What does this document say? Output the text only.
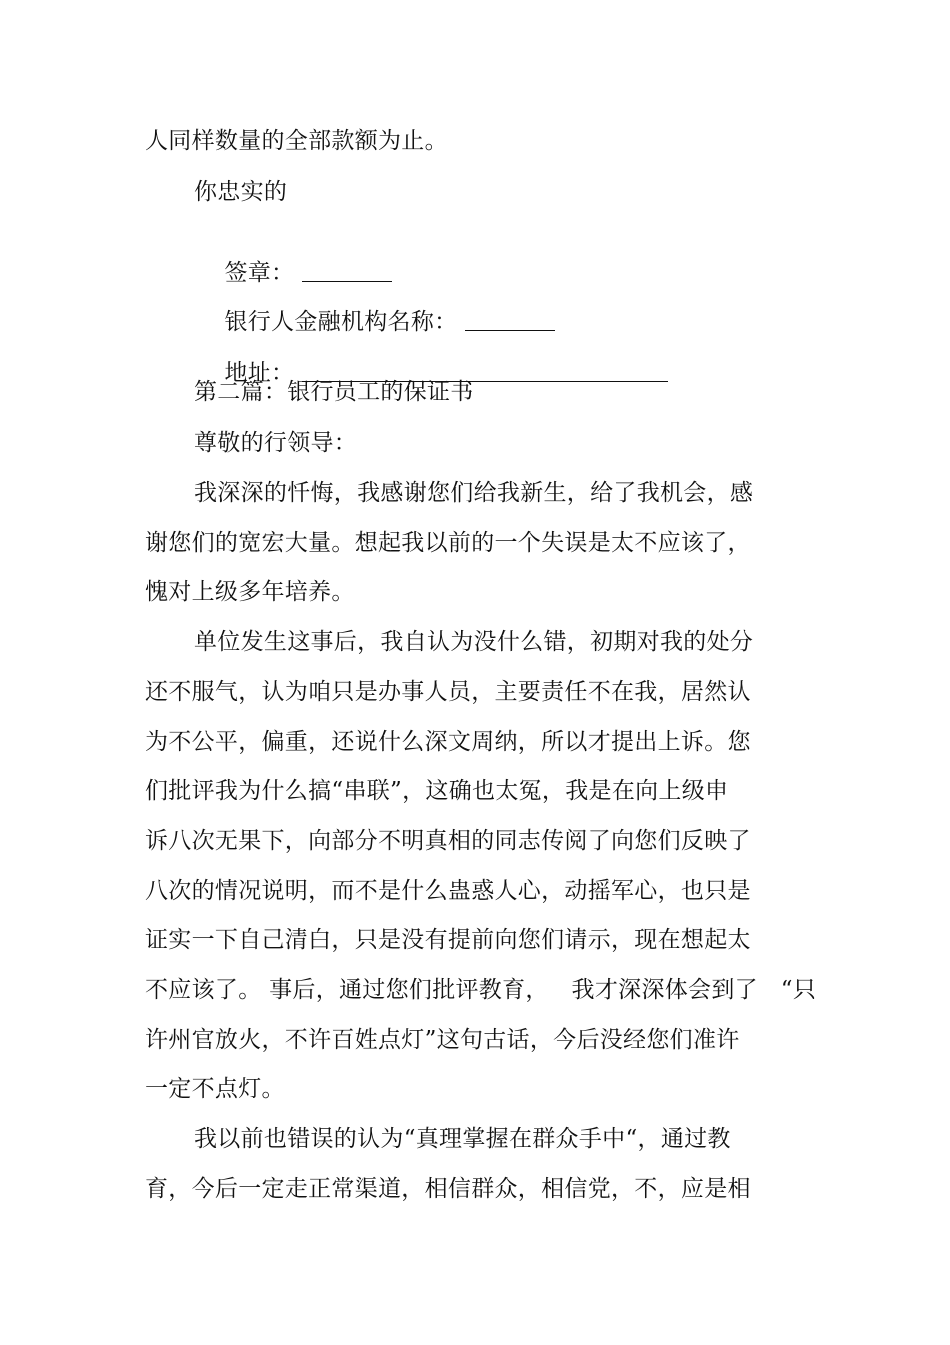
人同样数量的全部款额为止。
你忠实的

签章：

银行人金融机构名称：

地址：

第二篇：银行员工的保证书
尊敬的行领导：
我深深的忏悔，我感谢您们给我新生，给了我机会，感
谢您们的宽宏大量。想起我以前的一个失误是太不应该了，
愧对上级多年培养。
单位发生这事后，我自认为没什么错，初期对我的处分
还不服气，认为咱只是办事人员，主要责任不在我，居然认
为不公平，偏重，还说什么深文周纳，所以才提出上诉。您
们批评我为什么搞“串联”，这确也太冤，我是在向上级申
诉八次无果下，向部分不明真相的同志传阅了向您们反映了
八次的情况说明，而不是什么蛊惑人心，动摇军心，也只是
证实一下自己清白，只是没有提前向您们请示，现在想起太
不应该了。 事后，通过您们批评教育，   我才深深体会到了   “只
许州官放火，不许百姓点灯”这句古话，今后没经您们准许
一定不点灯。
我以前也错误的认为“真理掌握在群众手中“，通过教
育，今后一定走正常渠道，相信群众，相信党，不，应是相
